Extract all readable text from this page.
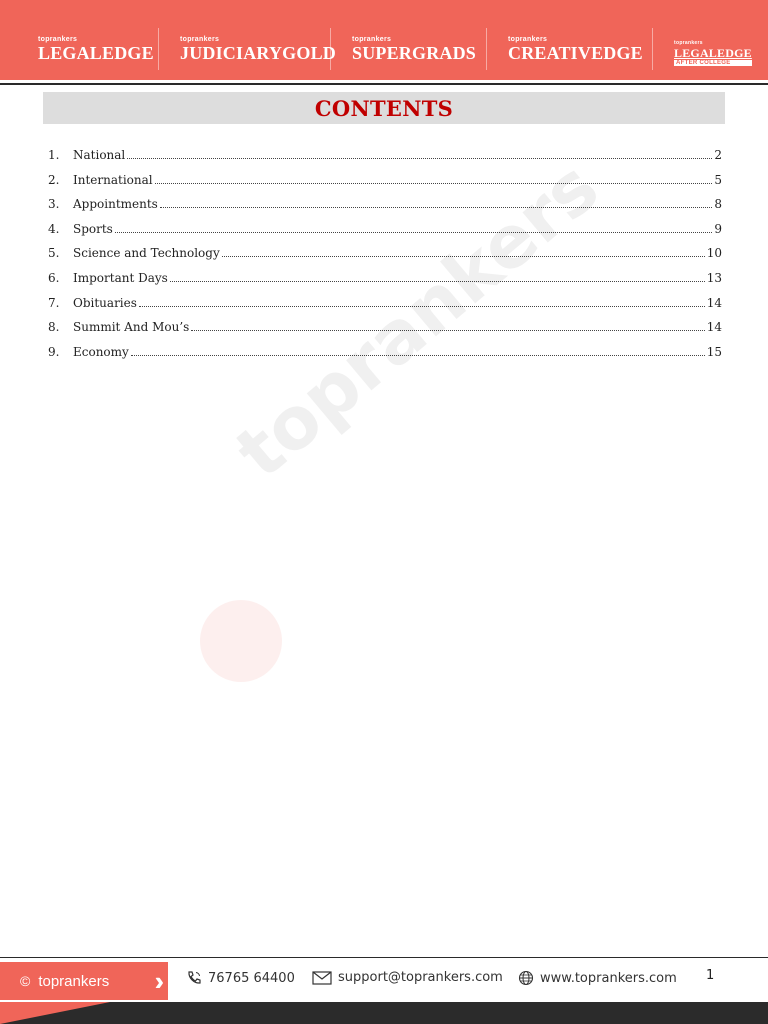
toprankers
LEGALEDGE
toprankers
JUDICIARYGOLD
toprankers
SUPERGRADS
toprankers
CREATIVEDGE	toprankers
LEGALEDGE
AFTER COLLEGE
CONTENTS
1.	National	2
2.	International	5
3.	Appointments	8
4.	Sports	9
5.	Science and Technology	10
6.	Important Days	13
7.	Obituaries	14
8.	Summit And Mou’s	14
9.	Economy	15
toprankers
© toprankers ››	76765 64400	support@toprankers.com	www.toprankers.com 1
